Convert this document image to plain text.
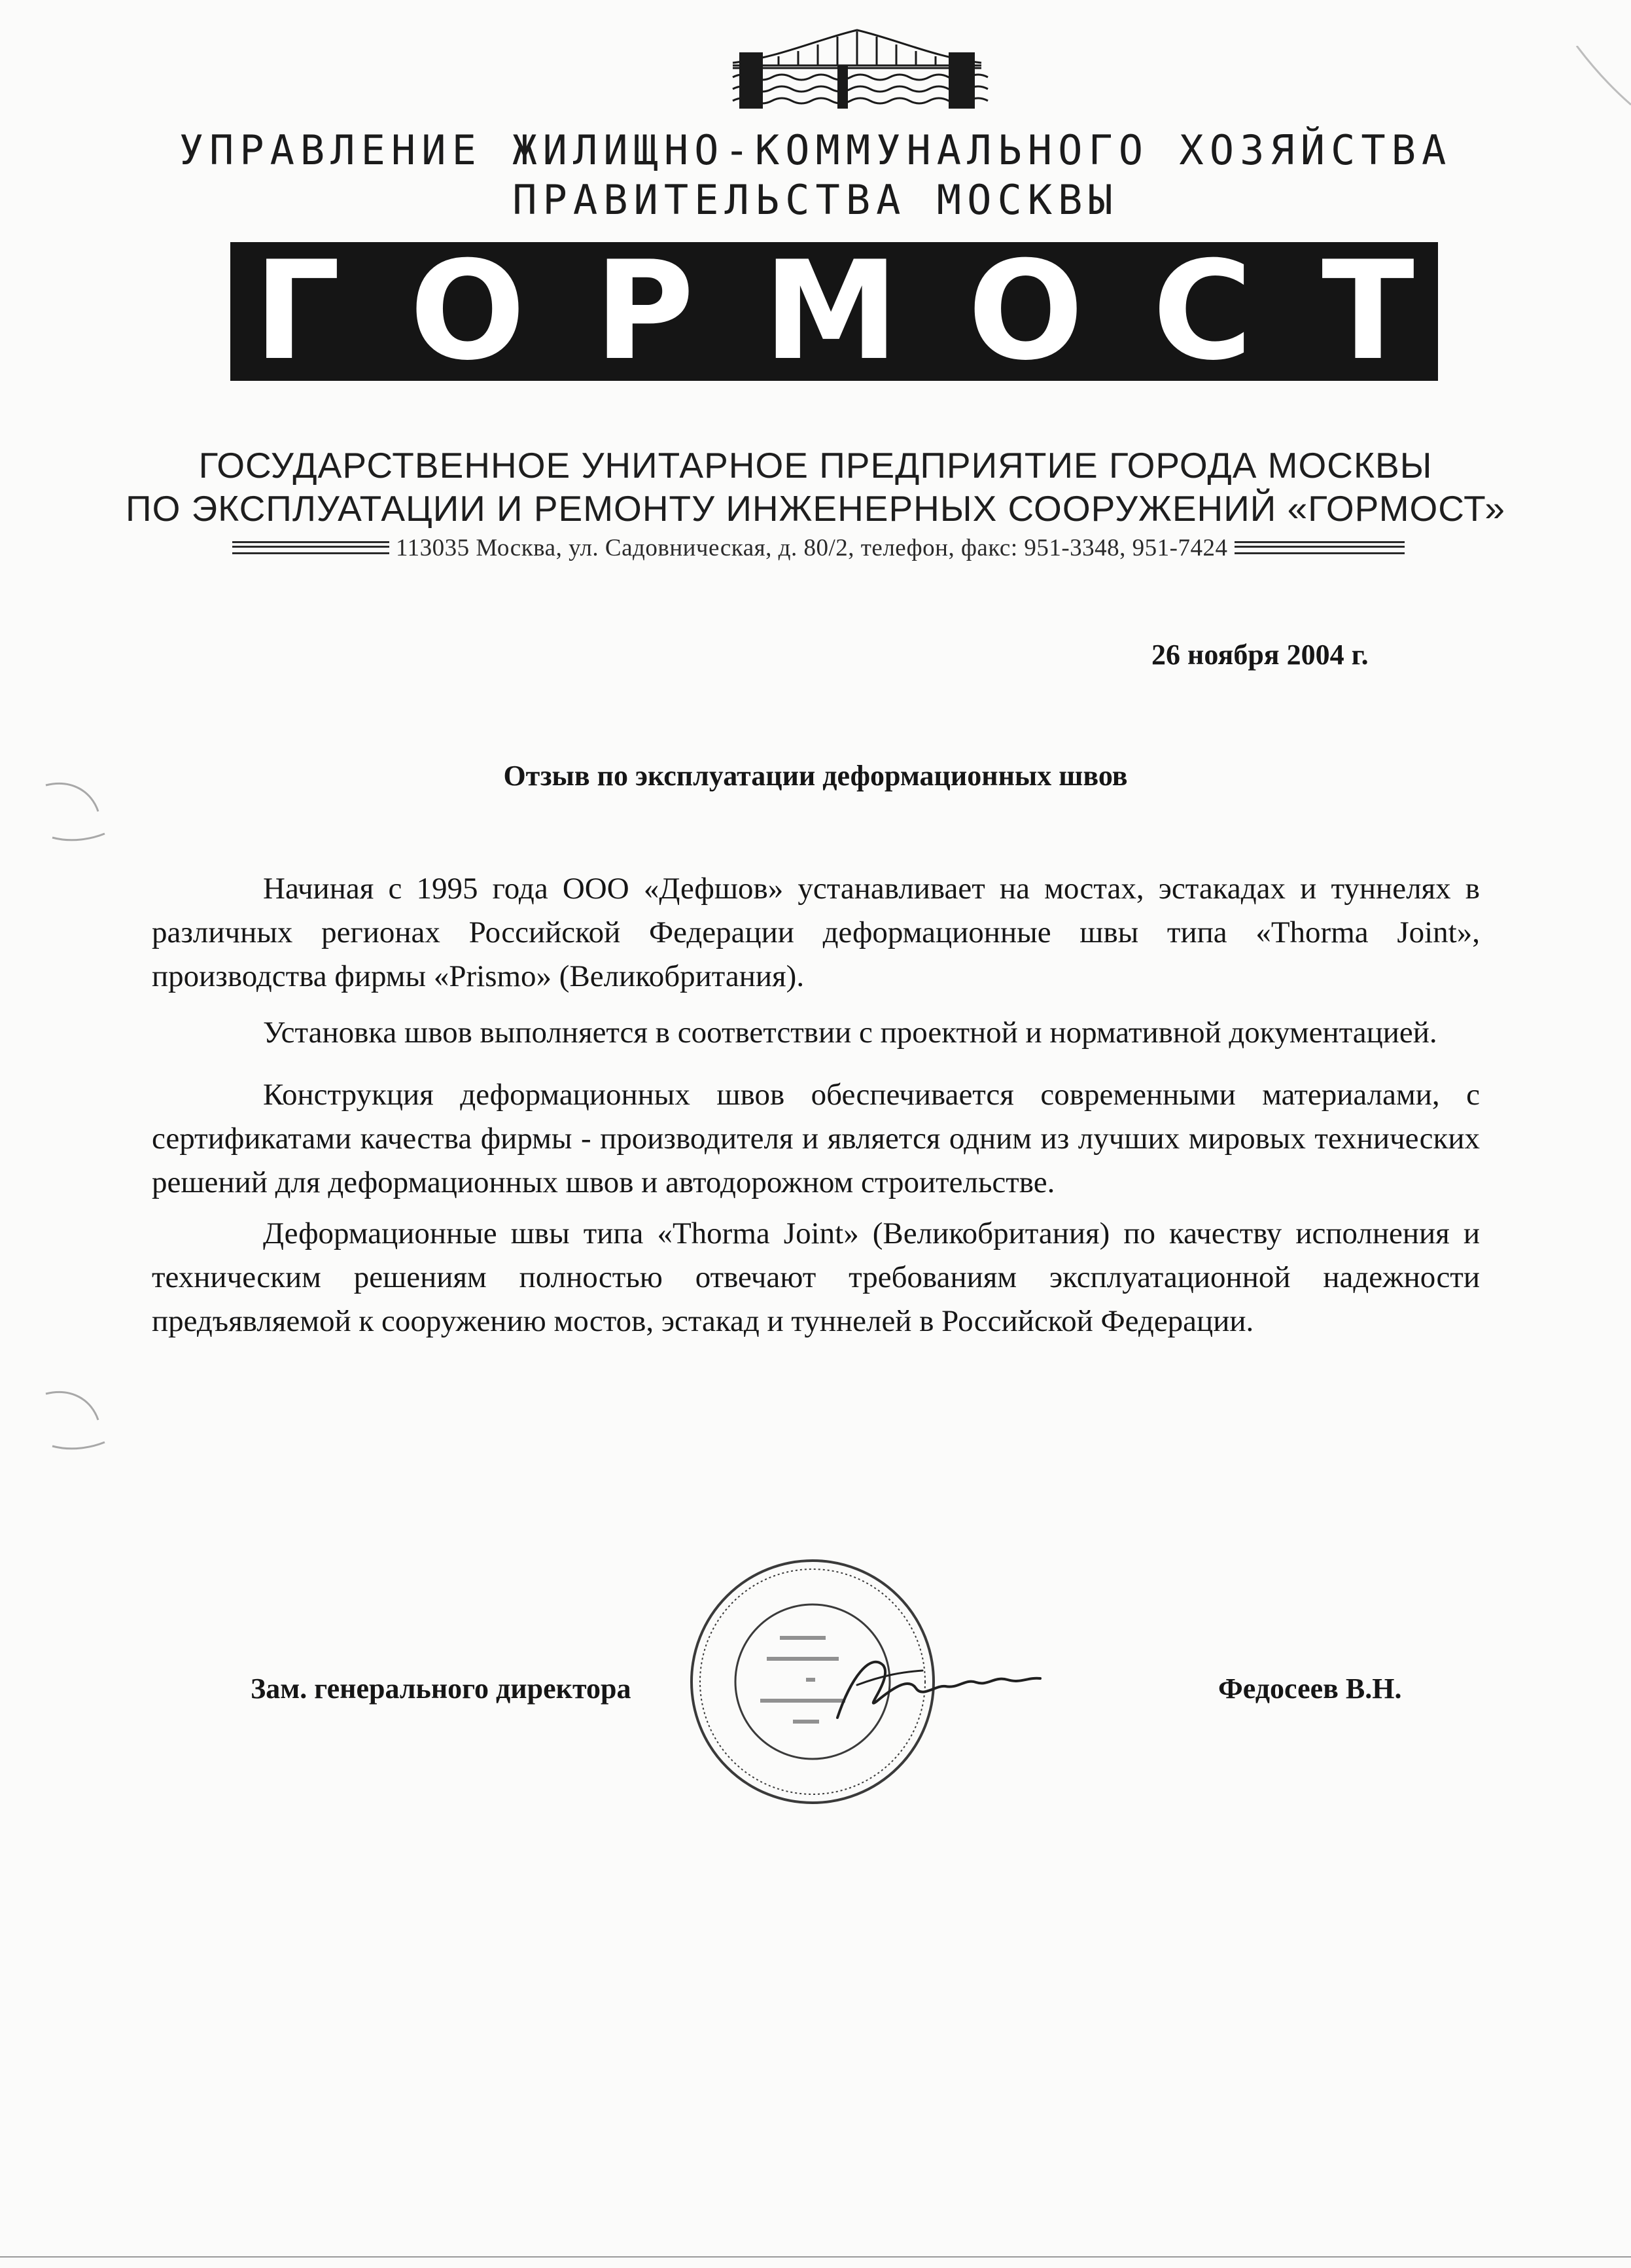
УПРАВЛЕНИЕ ЖИЛИЩНО-КОММУНАЛЬНОГО ХОЗЯЙСТВА
ПРАВИТЕЛЬСТВА МОСКВЫ
Г О Р М О С Т
ГОСУДАРСТВЕННОЕ УНИТАРНОЕ ПРЕДПРИЯТИЕ ГОРОДА МОСКВЫ
ПО ЭКСПЛУАТАЦИИ И РЕМОНТУ ИНЖЕНЕРНЫХ СООРУЖЕНИЙ «ГОРМОСТ»
113035 Москва, ул. Садовническая, д. 80/2, телефон, факс: 951-3348, 951-7424
26 ноября 2004 г.
Отзыв по эксплуатации деформационных швов

Начиная с 1995 года ООО «Дефшов» устанавливает на мостах, эстакадах и туннелях в различных регионах Российской Федерации деформационные швы типа «Thorma Joint», производства фирмы «Prismo» (Великобритания).

Установка швов выполняется в соответствии с проектной и нормативной документацией.

Конструкция деформационных швов обеспечивается современными материалами, с сертификатами качества фирмы - производителя и является одним из лучших мировых технических решений для деформационных швов и автодорожном строительстве.

Деформационные швы типа «Thorma Joint» (Великобритания) по качеству исполнения и техническим решениям полностью отвечают требованиям эксплуатационной надежности предъявляемой к сооружению мостов, эстакад и туннелей в Российской Федерации.

Зам. генерального директора	Федосеев В.Н.
